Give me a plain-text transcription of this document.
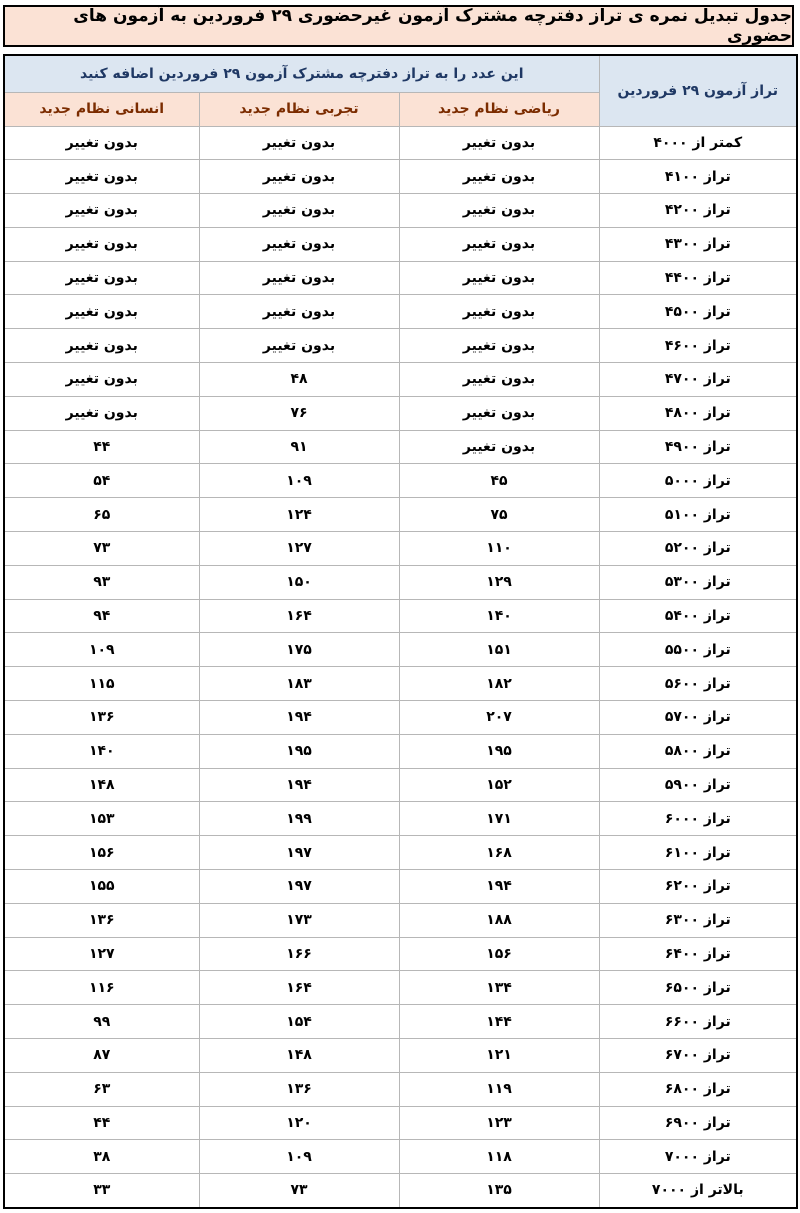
جدول تبدیل نمره ی تراز دفترچه مشترک آزمون غیرحضوری ۲۹ فروردین به آزمون های حضوری
تراز آزمون ۲۹ فروردین	این عدد را به تراز دفترچه مشترک آزمون ۲۹ فروردین اضافه کنید		
	ریاضی نظام جدید	تجربی نظام جدید	انسانی نظام جدید
کمتر از ۴۰۰۰	بدون تغییر	بدون تغییر	بدون تغییر
تراز ۴۱۰۰	بدون تغییر	بدون تغییر	بدون تغییر
تراز ۴۲۰۰	بدون تغییر	بدون تغییر	بدون تغییر
تراز ۴۳۰۰	بدون تغییر	بدون تغییر	بدون تغییر
تراز ۴۴۰۰	بدون تغییر	بدون تغییر	بدون تغییر
تراز ۴۵۰۰	بدون تغییر	بدون تغییر	بدون تغییر
تراز ۴۶۰۰	بدون تغییر	بدون تغییر	بدون تغییر
تراز ۴۷۰۰	بدون تغییر	۴۸	بدون تغییر
تراز ۴۸۰۰	بدون تغییر	۷۶	بدون تغییر
تراز ۴۹۰۰	بدون تغییر	۹۱	۴۴
تراز ۵۰۰۰	۴۵	۱۰۹	۵۴
تراز ۵۱۰۰	۷۵	۱۲۴	۶۵
تراز ۵۲۰۰	۱۱۰	۱۲۷	۷۳
تراز ۵۳۰۰	۱۲۹	۱۵۰	۹۳
تراز ۵۴۰۰	۱۴۰	۱۶۴	۹۴
تراز ۵۵۰۰	۱۵۱	۱۷۵	۱۰۹
تراز ۵۶۰۰	۱۸۲	۱۸۳	۱۱۵
تراز ۵۷۰۰	۲۰۷	۱۹۴	۱۳۶
تراز ۵۸۰۰	۱۹۵	۱۹۵	۱۴۰
تراز ۵۹۰۰	۱۵۲	۱۹۴	۱۴۸
تراز ۶۰۰۰	۱۷۱	۱۹۹	۱۵۳
تراز ۶۱۰۰	۱۶۸	۱۹۷	۱۵۶
تراز ۶۲۰۰	۱۹۴	۱۹۷	۱۵۵
تراز ۶۳۰۰	۱۸۸	۱۷۳	۱۳۶
تراز ۶۴۰۰	۱۵۶	۱۶۶	۱۲۷
تراز ۶۵۰۰	۱۳۴	۱۶۴	۱۱۶
تراز ۶۶۰۰	۱۴۴	۱۵۴	۹۹
تراز ۶۷۰۰	۱۲۱	۱۴۸	۸۷
تراز ۶۸۰۰	۱۱۹	۱۳۶	۶۳
تراز ۶۹۰۰	۱۲۳	۱۲۰	۴۴
تراز ۷۰۰۰	۱۱۸	۱۰۹	۳۸
بالاتر از ۷۰۰۰	۱۳۵	۷۳	۳۳
